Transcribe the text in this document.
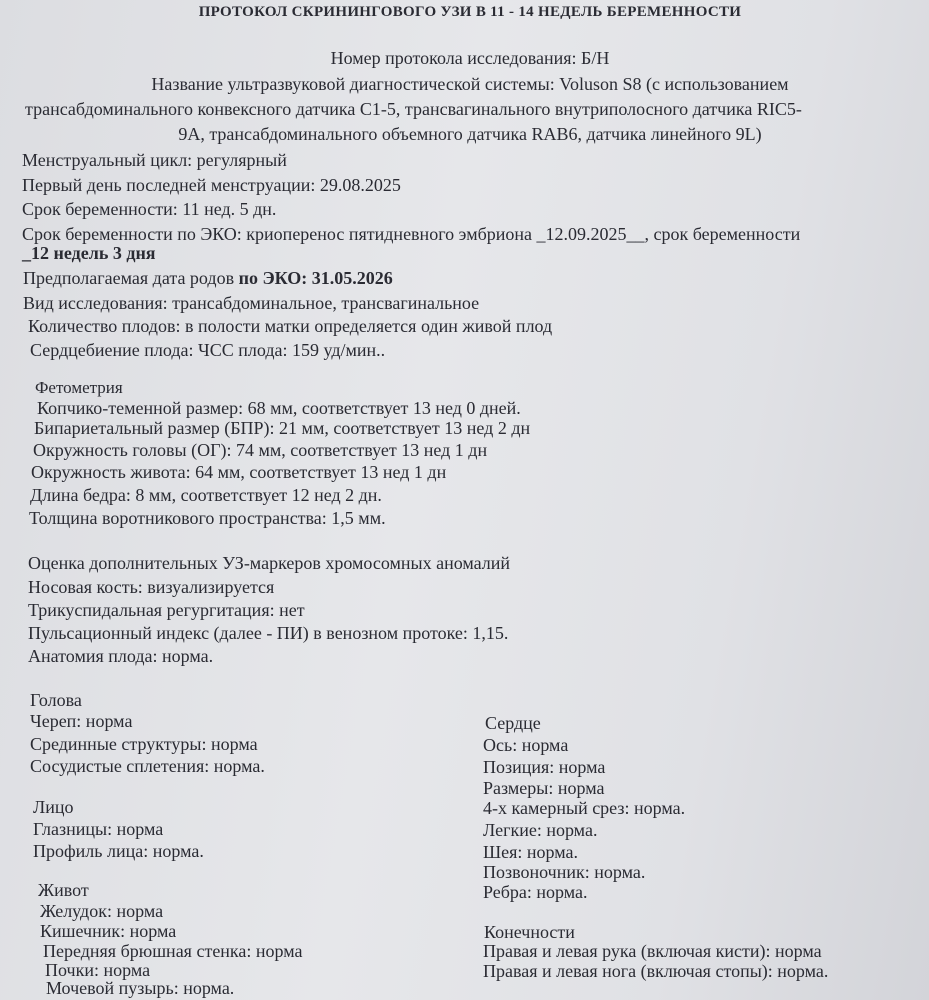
ПРОТОКОЛ СКРИНИНГОВОГО УЗИ В 11 - 14 НЕДЕЛЬ БЕРЕМЕННОСТИ
Номер протокола исследования: Б/Н
Название ультразвуковой диагностической системы: Voluson S8 (с использованием
трансабдоминального конвексного датчика С1-5, трансвагинального внутриполосного датчика RIC5-
9A, трансабдоминального объемного датчика RAB6, датчика линейного 9L)
Менструальный цикл: регулярный
Первый день последней менструации: 29.08.2025
Срок беременности: 11 нед. 5 дн.
Срок беременности по ЭКО: криоперенос пятидневного эмбриона _12.09.2025__, срок беременности
_12 недель 3 дня
Предполагаемая дата родов по ЭКО: 31.05.2026
Вид исследования: трансабдоминальное, трансвагинальное
Количество плодов: в полости матки определяется один живой плод
Сердцебиение плода: ЧСС плода: 159 уд/мин..
Фетометрия
Копчико-теменной размер: 68 мм, соответствует 13 нед 0 дней.
Бипариетальный размер (БПР): 21 мм, соответствует 13 нед 2 дн
Окружность головы (ОГ): 74 мм, соответствует 13 нед 1 дн
Окружность живота: 64 мм, соответствует 13 нед 1 дн
Длина бедра: 8 мм, соответствует 12 нед 2 дн.
Толщина воротникового пространства: 1,5 мм.
Оценка дополнительных УЗ-маркеров хромосомных аномалий
Носовая кость: визуализируется
Трикуспидальная регургитация: нет
Пульсационный индекс (далее - ПИ) в венозном протоке: 1,15.
Анатомия плода: норма.
Голова
Череп: норма
Срединные структуры: норма
Сосудистые сплетения: норма.
Лицо
Глазницы: норма
Профиль лица: норма.
Живот
Желудок: норма
Кишечник: норма
Передняя брюшная стенка: норма
Почки: норма
Мочевой пузырь: норма.
Сердце
Ось: норма
Позиция: норма
Размеры: норма
4-х камерный срез: норма.
Легкие: норма.
Шея: норма.
Позвоночник: норма.
Ребра: норма.
Конечности
Правая и левая рука (включая кисти): норма
Правая и левая нога (включая стопы): норма.
